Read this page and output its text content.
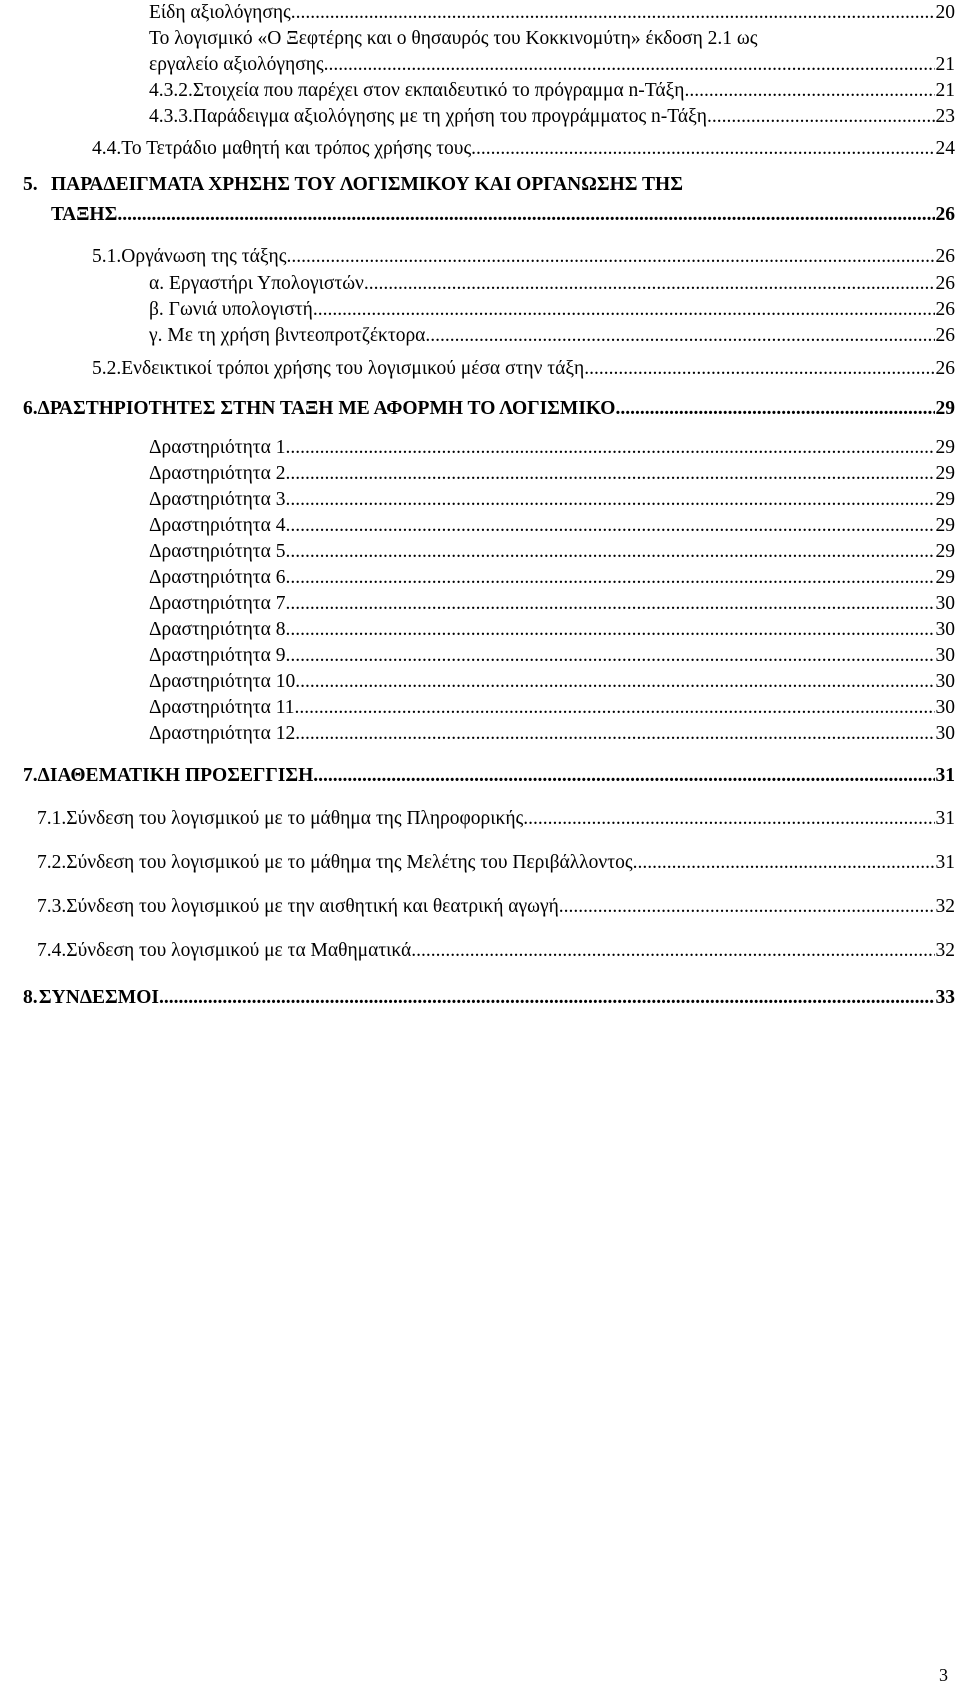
Είδη αξιολόγησης .....	20
Το λογισμικό «Ο Ξεφτέρης και ο θησαυρός του Κοκκινομύτη» έκδοση 2.1 ως
εργαλείο αξιολόγησης .....	21
4.3.2. Στοιχεία που παρέχει στον εκπαιδευτικό το πρόγραμμα n-Τάξη .....	21
4.3.3. Παράδειγμα αξιολόγησης με τη χρήση του προγράμματος n-Τάξη .....	23
4.4. Το Τετράδιο μαθητή και τρόπος χρήσης τους .....	24
5. ΠΑΡΑΔΕΙΓΜΑΤΑ ΧΡΗΣΗΣ ΤΟΥ ΛΟΓΙΣΜΙΚΟΥ ΚΑΙ ΟΡΓΑΝΩΣΗΣ ΤΗΣ
ΤΑΞΗΣ .....	26
5.1. Οργάνωση της τάξης .....	26
α. Εργαστήρι Υπολογιστών .....	26
β. Γωνιά υπολογιστή .....	26
γ. Με τη χρήση βιντεοπροτζέκτορα .....	26
5.2. Ενδεικτικοί τρόποι χρήσης του λογισμικού μέσα στην τάξη .....	26
6. ΔΡΑΣΤΗΡΙΟΤΗΤΕΣ ΣΤΗΝ ΤΑΞΗ ΜΕ ΑΦΟΡΜΗ ΤΟ ΛΟΓΙΣΜΙΚΟ .....	29
Δραστηριότητα 1 .....	29
Δραστηριότητα 2 .....	29
Δραστηριότητα 3 .....	29
Δραστηριότητα 4 .....	29
Δραστηριότητα 5 .....	29
Δραστηριότητα 6 .....	29
Δραστηριότητα 7 .....	30
Δραστηριότητα 8 .....	30
Δραστηριότητα 9 .....	30
Δραστηριότητα 10 .....	30
Δραστηριότητα 11 .....	30
Δραστηριότητα 12 .....	30
7. ΔΙΑΘΕΜΑΤΙΚΗ ΠΡΟΣΕΓΓΙΣΗ .....	31
7.1. Σύνδεση του λογισμικού με το μάθημα της Πληροφορικής .....	31
7.2. Σύνδεση του λογισμικού με το μάθημα της Μελέτης του Περιβάλλοντος .....	31
7.3. Σύνδεση του λογισμικού με την αισθητική και θεατρική αγωγή .....	32
7.4. Σύνδεση του λογισμικού με τα Μαθηματικά .....	32
8. ΣΥΝΔΕΣΜΟΙ .....	33
3
